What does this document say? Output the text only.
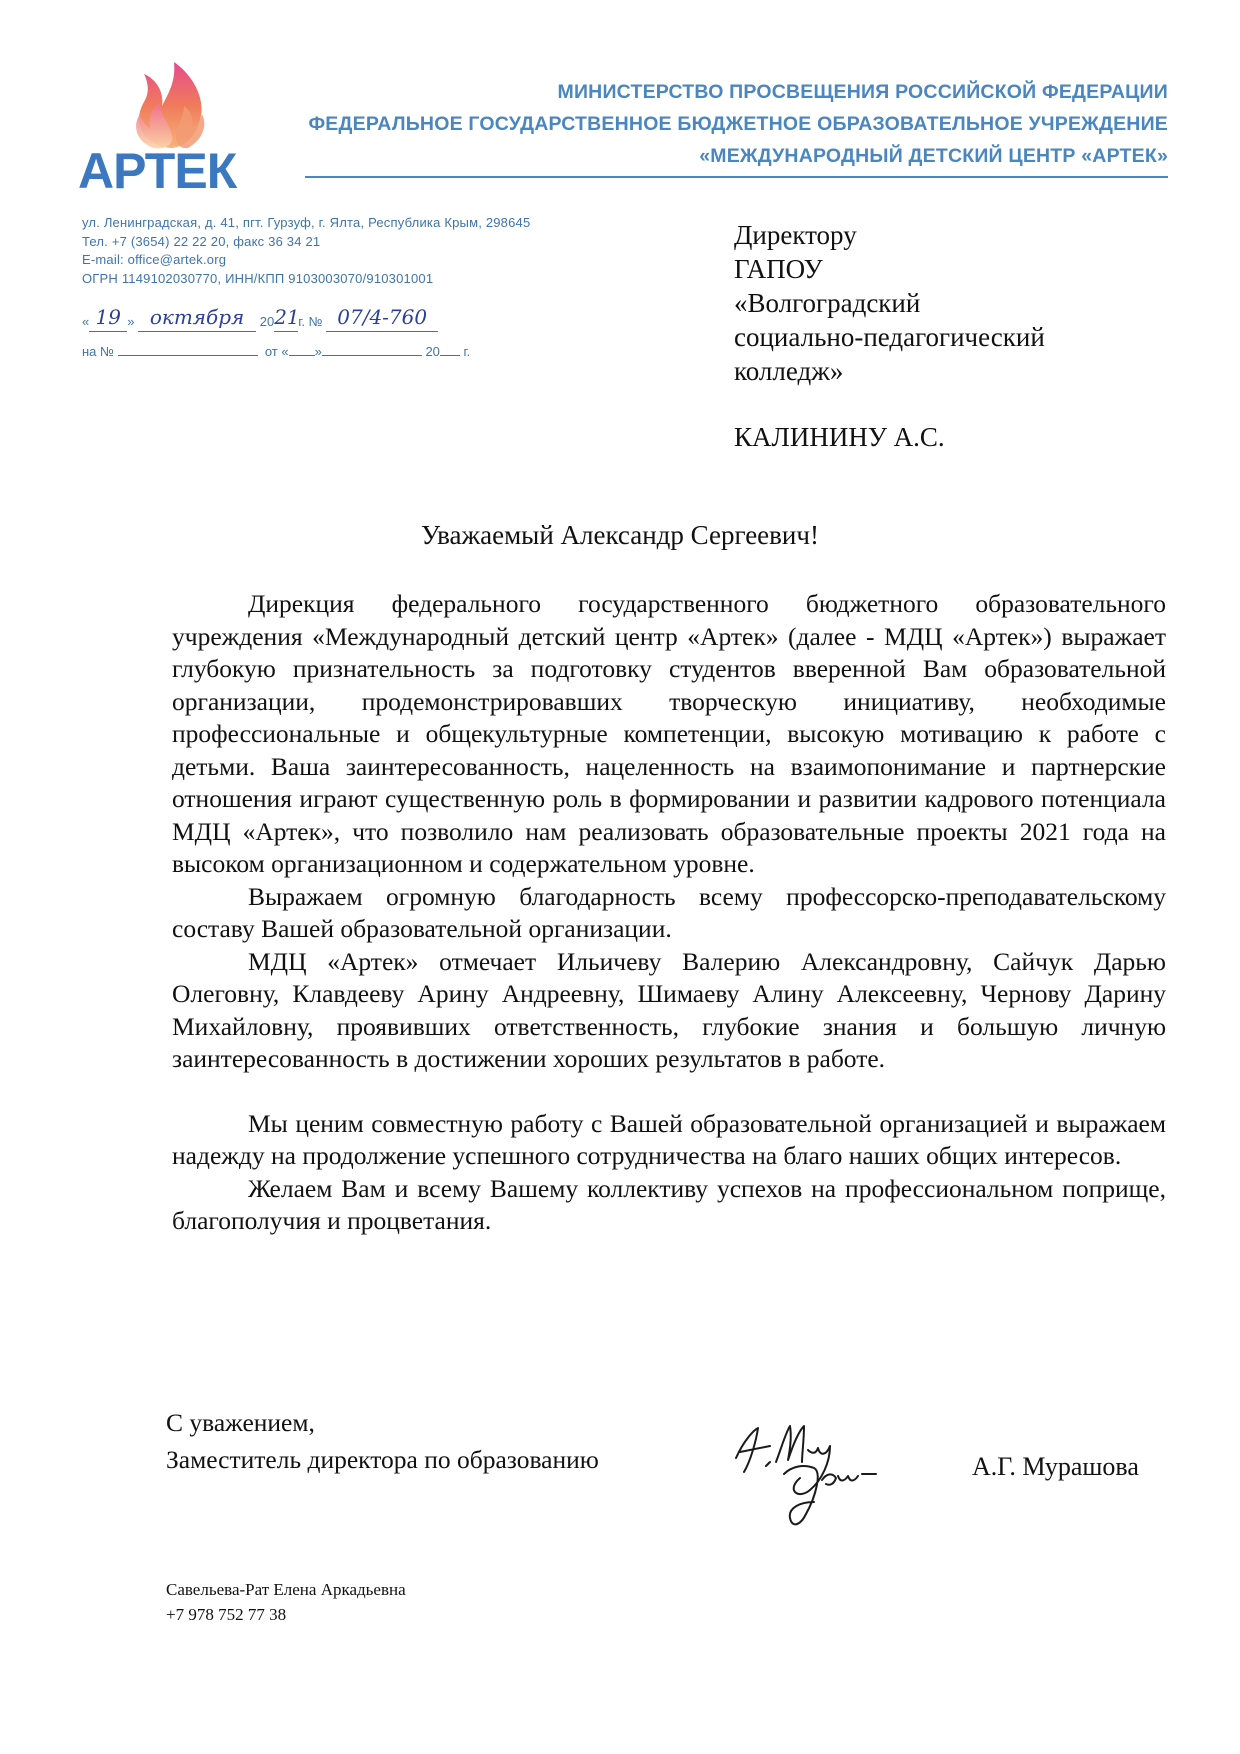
АРТЕК
МИНИСТЕРСТВО ПРОСВЕЩЕНИЯ РОССИЙСКОЙ ФЕДЕРАЦИИ
ФЕДЕРАЛЬНОЕ ГОСУДАРСТВЕННОЕ БЮДЖЕТНОЕ ОБРАЗОВАТЕЛЬНОЕ УЧРЕЖДЕНИЕ
«МЕЖДУНАРОДНЫЙ ДЕТСКИЙ ЦЕНТР «АРТЕК»
ул. Ленинградская, д. 41, пгт. Гурзуф, г. Ялта, Республика Крым, 298645
Тел. +7 (3654) 22 22 20, факс 36 34 21
E-mail: office@artek.org
ОГРН 1149102030770, ИНН/КПП 9103003070/910301001
« 19 » октября 2021г. № 07/4-760
на №	от « »	20 г.
Директору
ГАПОУ
«Волгоградский
социально-педагогический
колледж»
КАЛИНИНУ А.С.
Уважаемый Александр Сергеевич!

Дирекция федерального государственного бюджетного образовательного учреждения «Международный детский центр «Артек» (далее - МДЦ «Артек») выражает глубокую признательность за подготовку студентов вверенной Вам образовательной организации, продемонстрировавших творческую инициативу, необходимые профессиональные и общекультурные компетенции, высокую мотивацию к работе с детьми. Ваша заинтересованность, нацеленность на взаимопонимание и партнерские отношения играют существенную роль в формировании и развитии кадрового потенциала МДЦ «Артек», что позволило нам реализовать образовательные проекты 2021 года на высоком организационном и содержательном уровне.

Выражаем огромную благодарность всему профессорско-преподавательскому составу Вашей образовательной организации.

МДЦ «Артек» отмечает Ильичеву Валерию Александровну, Сайчук Дарью Олеговну, Клавдееву Арину Андреевну, Шимаеву Алину Алексеевну, Чернову Дарину Михайловну, проявивших ответственность, глубокие знания и большую личную заинтересованность в достижении хороших результатов в работе.

Мы ценим совместную работу с Вашей образовательной организацией и выражаем надежду на продолжение успешного сотрудничества на благо наших общих интересов.

Желаем Вам и всему Вашему коллективу успехов на профессиональном поприще, благополучия и процветания.

С уважением,
Заместитель директора по образованию	А.Г. Мурашова
Савельева-Рат Елена Аркадьевна
+7 978 752 77 38
